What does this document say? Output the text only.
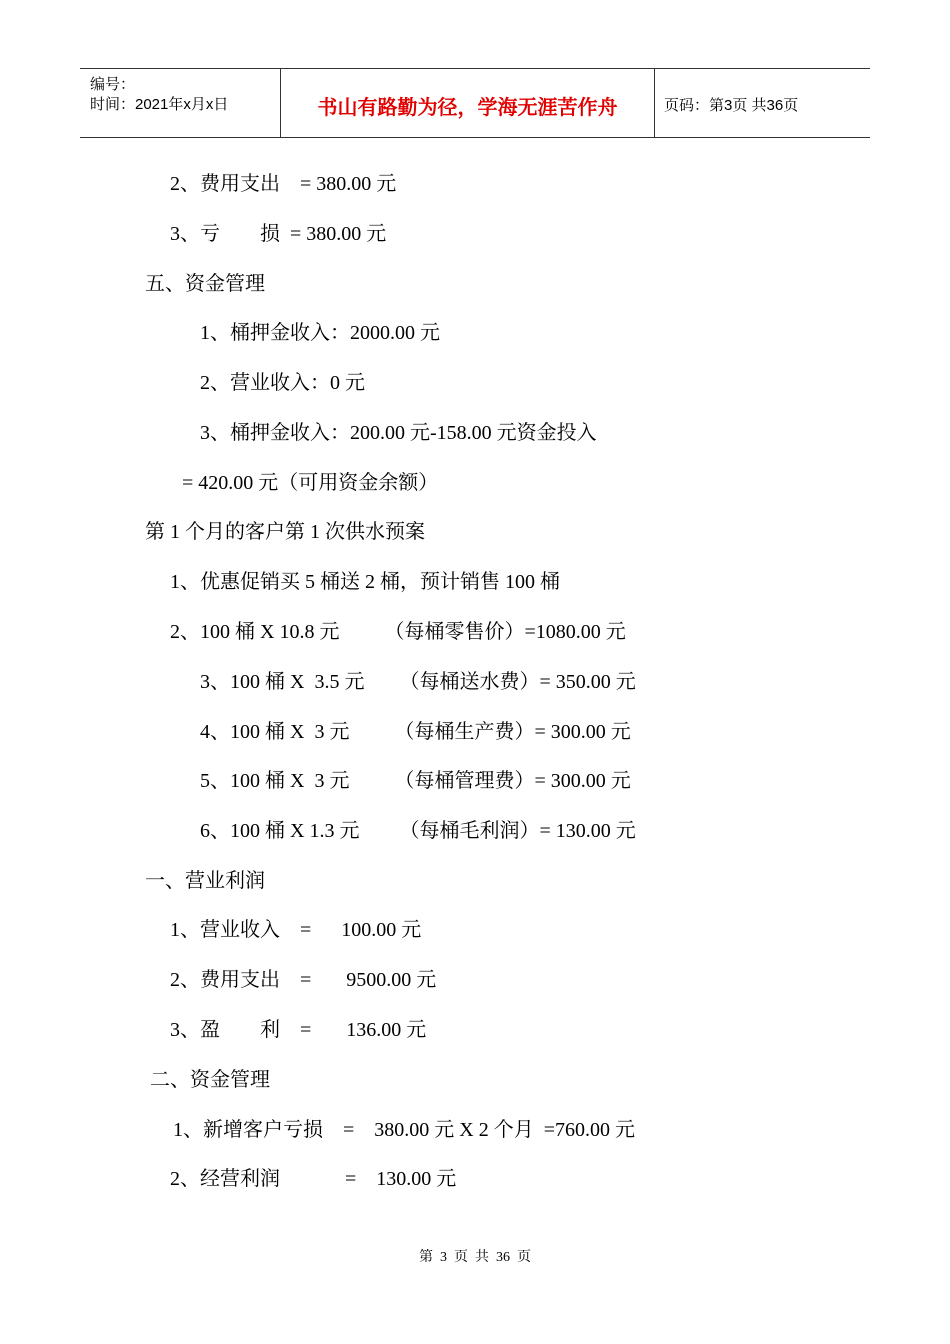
编号：
时间：2021年x月x日	书山有路勤为径，学海无涯苦作舟	页码：第3页 共36页
2、费用支出    = 380.00 元
3、亏        损  = 380.00 元
五、资金管理
1、桶押金收入：2000.00 元
2、营业收入：0 元
3、桶押金收入：200.00 元-158.00 元资金投入
= 420.00 元（可用资金余额）
第 1 个月的客户第 1 次供水预案
1、优惠促销买 5 桶送 2 桶，预计销售 100 桶
2、100 桶 X 10.8 元         （每桶零售价）=1080.00 元
3、100 桶 X  3.5 元       （每桶送水费）= 350.00 元
4、100 桶 X  3 元         （每桶生产费）= 300.00 元
5、100 桶 X  3 元         （每桶管理费）= 300.00 元
6、100 桶 X 1.3 元        （每桶毛利润）= 130.00 元
一、营业利润
1、营业收入    =      100.00 元
2、费用支出    =       9500.00 元
3、盈        利    =       136.00 元
二、资金管理
1、新增客户亏损    =    380.00 元 X 2 个月  =760.00 元
2、经营利润             =    130.00 元
第  3  页  共  36  页
